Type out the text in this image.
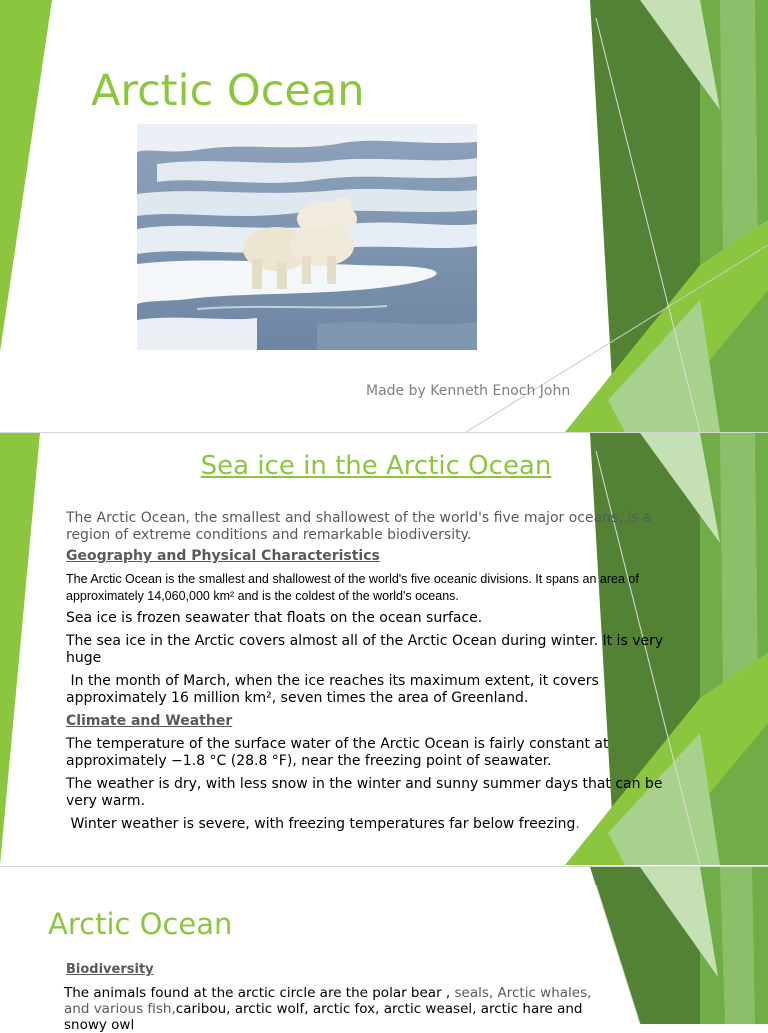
Arctic Ocean
Made by Kenneth Enoch John
Sea ice in the Arctic Ocean

The Arctic Ocean, the smallest and shallowest of the world's five major oceans, is a region of extreme conditions and remarkable biodiversity.

Geography and Physical Characteristics

The Arctic Ocean is the smallest and shallowest of the world's five oceanic divisions. It spans an area of approximately 14,060,000 km² and is the coldest of the world's oceans.

Sea ice is frozen seawater that floats on the ocean surface.

The sea ice in the Arctic covers almost all of the Arctic Ocean during winter. It is very huge

In the month of March, when the ice reaches its maximum extent, it covers approximately 16 million km², seven times the area of Greenland.

Climate and Weather

The temperature of the surface water of the Arctic Ocean is fairly constant at approximately −1.8 °C (28.8 °F), near the freezing point of seawater.

The weather is dry, with less snow in the winter and sunny summer days that can be very warm.

Winter weather is severe, with freezing temperatures far below freezing.

Arctic Ocean
Biodiversity

The animals found at the arctic circle are the polar bear , seals, Arctic whales, and various fish,caribou, arctic wolf, arctic fox, arctic weasel, arctic hare and snowy owl
